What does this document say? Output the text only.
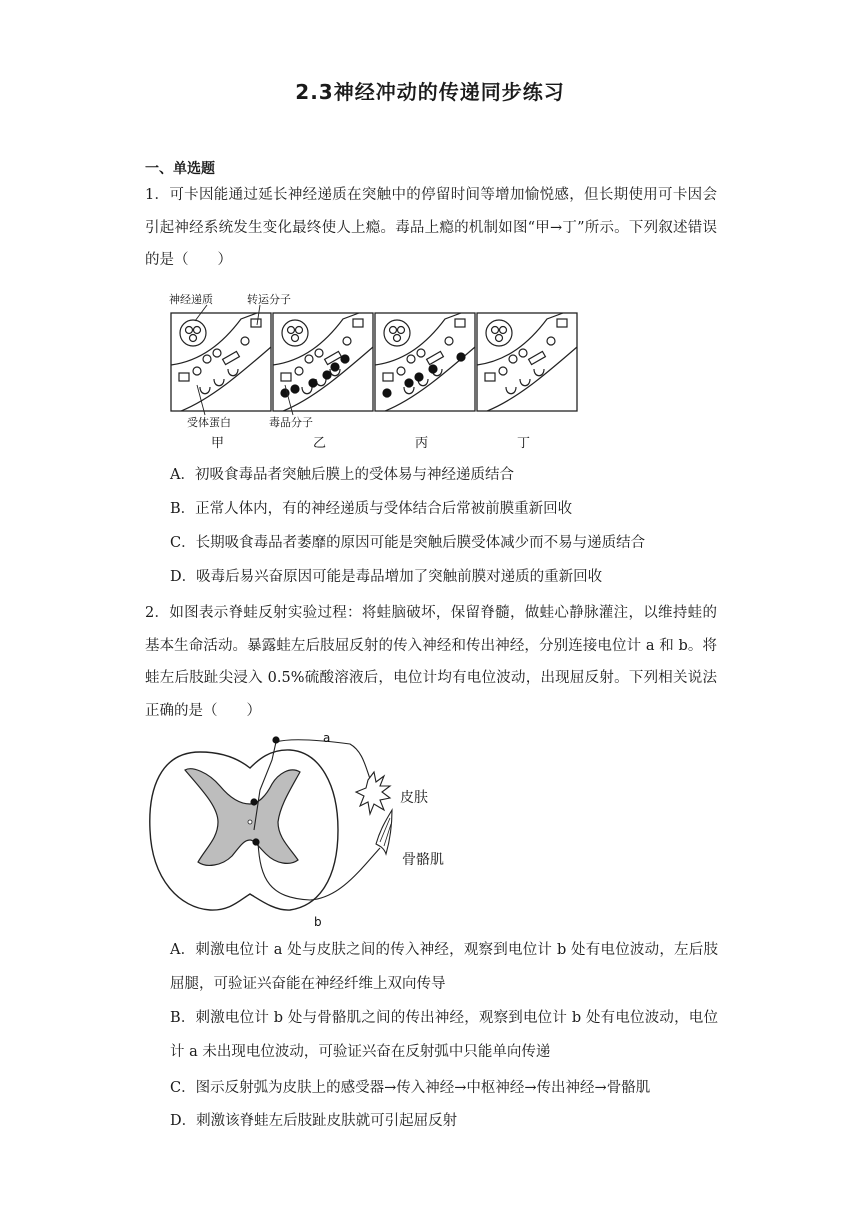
2.3神经冲动的传递同步练习
一、单选题

1．可卡因能通过延长神经递质在突触中的停留时间等增加愉悦感，但长期使用可卡因会引起神经系统发生变化最终使人上瘾。毒品上瘾的机制如图“甲→丁”所示。下列叙述错误的是（　　）

神经递质	转运分子
受体蛋白	毒品分子
甲	乙	丙	丁

A．初吸食毒品者突触后膜上的受体易与神经递质结合

B．正常人体内，有的神经递质与受体结合后常被前膜重新回收

C．长期吸食毒品者萎靡的原因可能是突触后膜受体减少而不易与递质结合

D．吸毒后易兴奋原因可能是毒品增加了突触前膜对递质的重新回收

2．如图表示脊蛙反射实验过程：将蛙脑破坏，保留脊髓，做蛙心静脉灌注，以维持蛙的基本生命活动。暴露蛙左后肢屈反射的传入神经和传出神经，分别连接电位计 a 和 b。将蛙左后肢趾尖浸入 0.5%硫酸溶液后，电位计均有电位波动，出现屈反射。下列相关说法正确的是（　　）

a
b
皮肤
骨骼肌

A．刺激电位计 a 处与皮肤之间的传入神经，观察到电位计 b 处有电位波动，左后肢屈腿，可验证兴奋能在神经纤维上双向传导

B．刺激电位计 b 处与骨骼肌之间的传出神经，观察到电位计 b 处有电位波动，电位计 a 未出现电位波动，可验证兴奋在反射弧中只能单向传递

C．图示反射弧为皮肤上的感受器→传入神经→中枢神经→传出神经→骨骼肌

D．刺激该脊蛙左后肢趾皮肤就可引起屈反射
